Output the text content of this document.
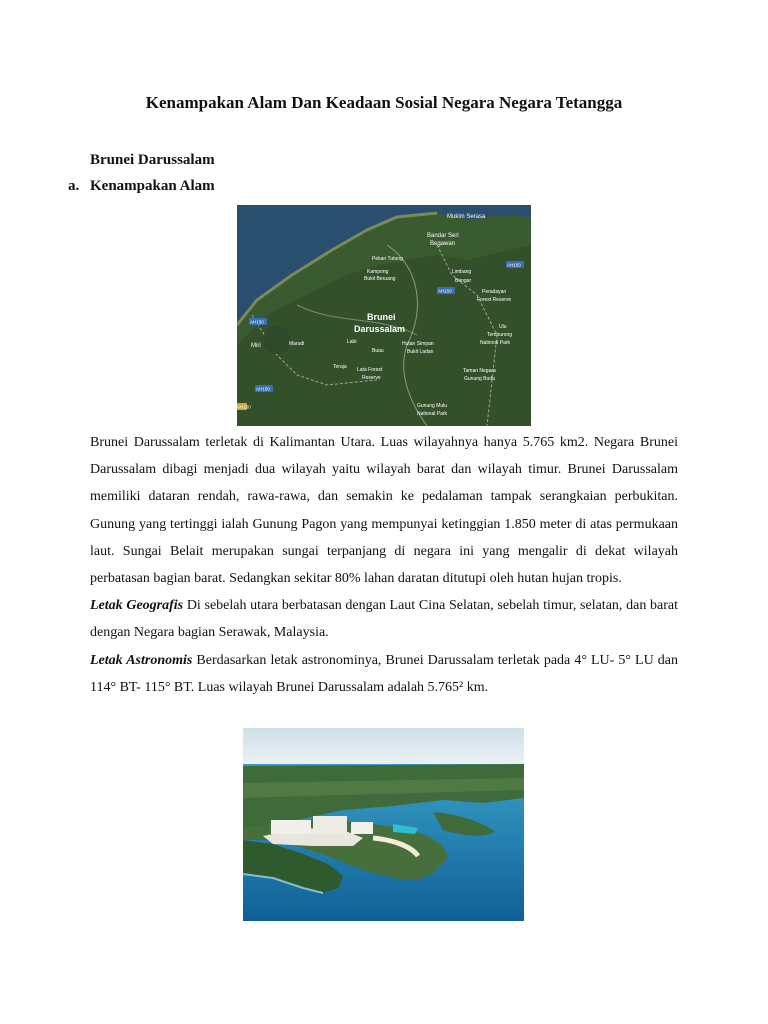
Kenampakan Alam Dan Keadaan Sosial Negara Negara Tetangga
Brunei Darussalam
a. Kenampakan Alam
Mukim Serasa
Bandar Seri
Begawan
Pekan Tutong
Kampong
Bukit Beruang
Limbang
Bangar
Peradayan
Forest Reserve
Brunei
Darussalam	Ulu
Temburong
National Park
Miri	Marudi	Labi	Hutan Simpan
Bukit Ladan
Buau
Teraja Lata Forest
Reserve
Taman Negara
Gunung Buda
Gunung Mulu
National Park
AH150
AH150
AH150
AH150
AH150

Brunei Darussalam terletak di Kalimantan Utara. Luas wilayahnya hanya 5.765 km2. Negara Brunei Darussalam dibagi menjadi dua wilayah yaitu wilayah barat dan wilayah timur. Brunei Darussalam memiliki dataran rendah, rawa-rawa, dan semakin ke pedalaman tampak serangkaian perbukitan. Gunung yang tertinggi ialah Gunung Pagon yang mempunyai ketinggian 1.850 meter di atas permukaan laut. Sungai Belait merupakan sungai terpanjang di negara ini yang mengalir di dekat wilayah perbatasan bagian barat. Sedangkan sekitar 80% lahan daratan ditutupi oleh hutan hujan tropis.

Letak Geografis Di sebelah utara berbatasan dengan Laut Cina Selatan, sebelah timur, selatan, dan barat dengan Negara bagian Serawak, Malaysia.

Letak Astronomis Berdasarkan letak astronominya, Brunei Darussalam terletak pada 4° LU- 5° LU dan 114° BT- 115° BT. Luas wilayah Brunei Darussalam adalah 5.765² km.
